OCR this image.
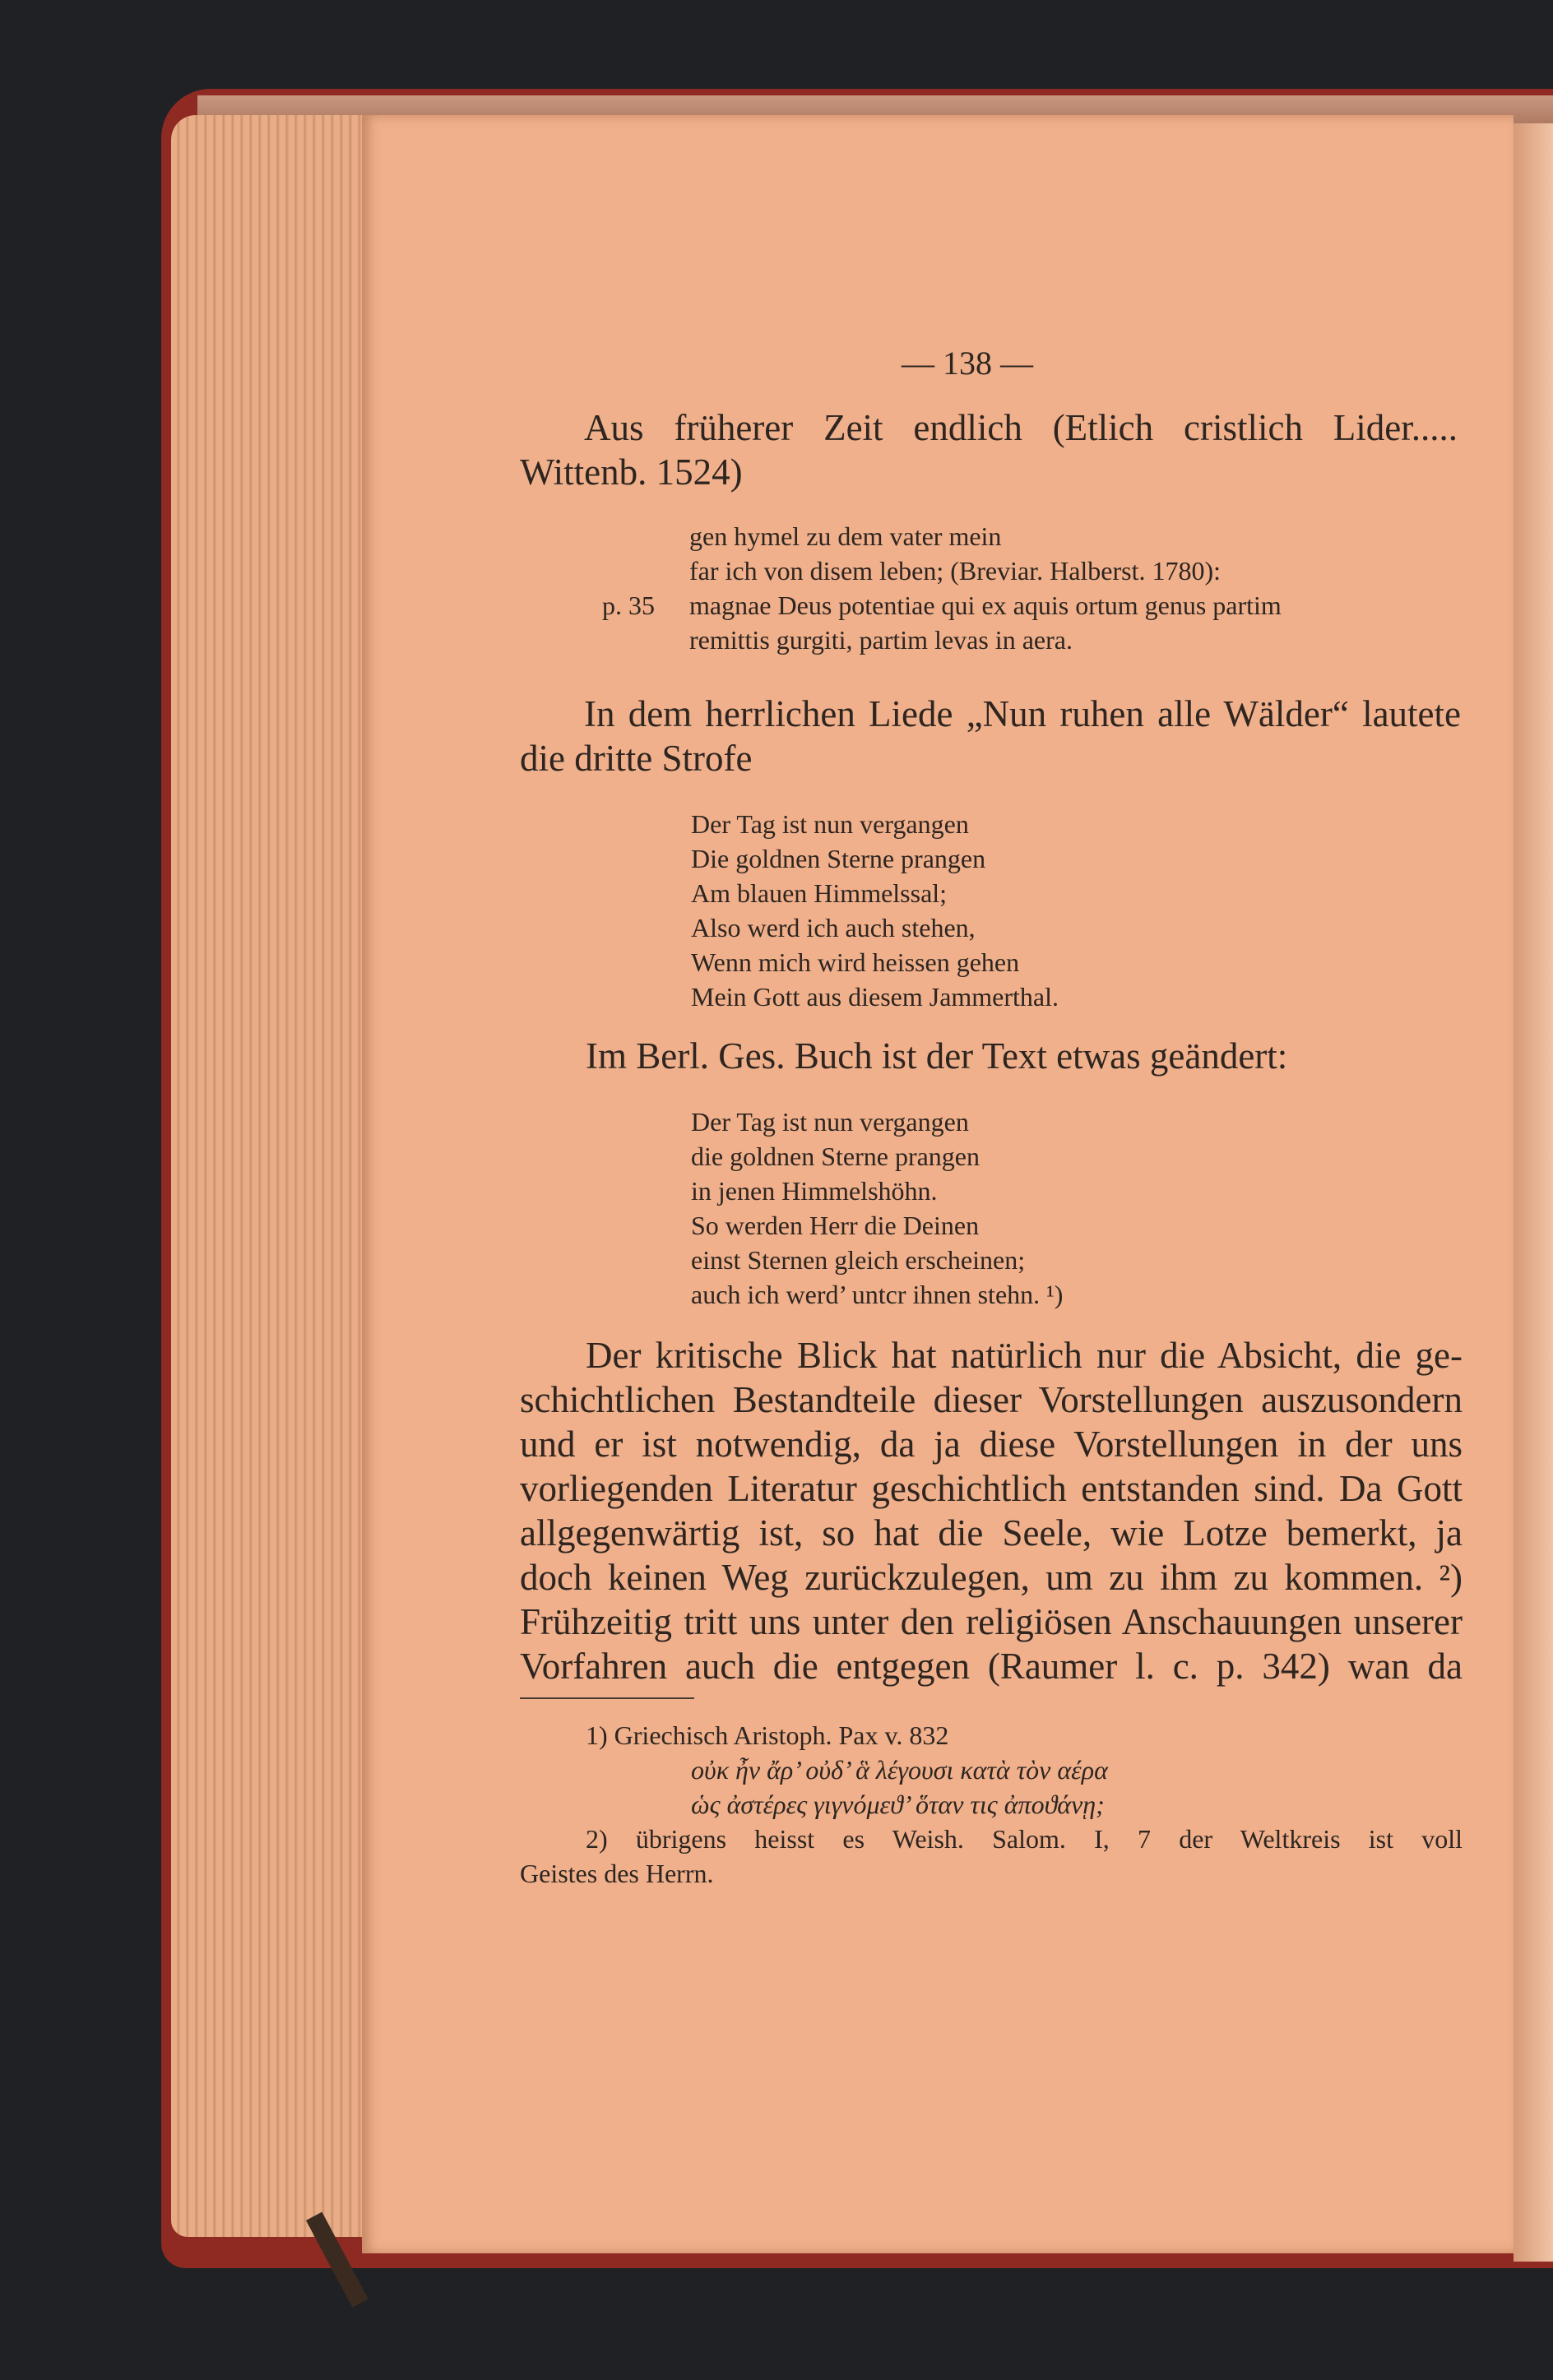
— 138 —
Aus früherer Zeit endlich (Etlich cristlich Lider.....
Wittenb. 1524)
gen hymel zu dem vater mein
far ich von disem leben; (Breviar. Halberst. 1780):
p. 35 magnae Deus potentiae qui ex aquis ortum genus partim
remittis gurgiti, partim levas in aera.
In dem herrlichen Liede „Nun ruhen alle Wälder“ lautete
die dritte Strofe
Der Tag ist nun vergangen
Die goldnen Sterne prangen
Am blauen Himmelssal;
Also werd ich auch stehen,
Wenn mich wird heissen gehen
Mein Gott aus diesem Jammerthal.
Im Berl. Ges. Buch ist der Text etwas geändert:
Der Tag ist nun vergangen
die goldnen Sterne prangen
in jenen Himmelshöhn.
So werden Herr die Deinen
einst Sternen gleich erscheinen;
auch ich werd’ untcr ihnen stehn. ¹)
Der kritische Blick hat natürlich nur die Absicht, die ge-
schichtlichen Bestandteile dieser Vorstellungen auszusondern
und er ist notwendig, da ja diese Vorstellungen in der uns
vorliegenden Literatur geschichtlich entstanden sind. Da Gott
allgegenwärtig ist, so hat die Seele, wie Lotze bemerkt, ja
doch keinen Weg zurückzulegen, um zu ihm zu kommen. ²)
Frühzeitig tritt uns unter den religiösen Anschauungen unserer
Vorfahren auch die entgegen (Raumer l. c. p. 342) wan da
1) Griechisch Aristoph. Pax v. 832
οὐκ ἦν ἄρ’ οὐδ’ ἃ λέγουσι κατὰ τὸν αέρα
ὡς ἀστέρες γιγνόμεϑ’ ὅταν τις ἀποϑάνῃ;
2) übrigens heisst es Weish. Salom. I, 7 der Weltkreis ist voll
Geistes des Herrn.
